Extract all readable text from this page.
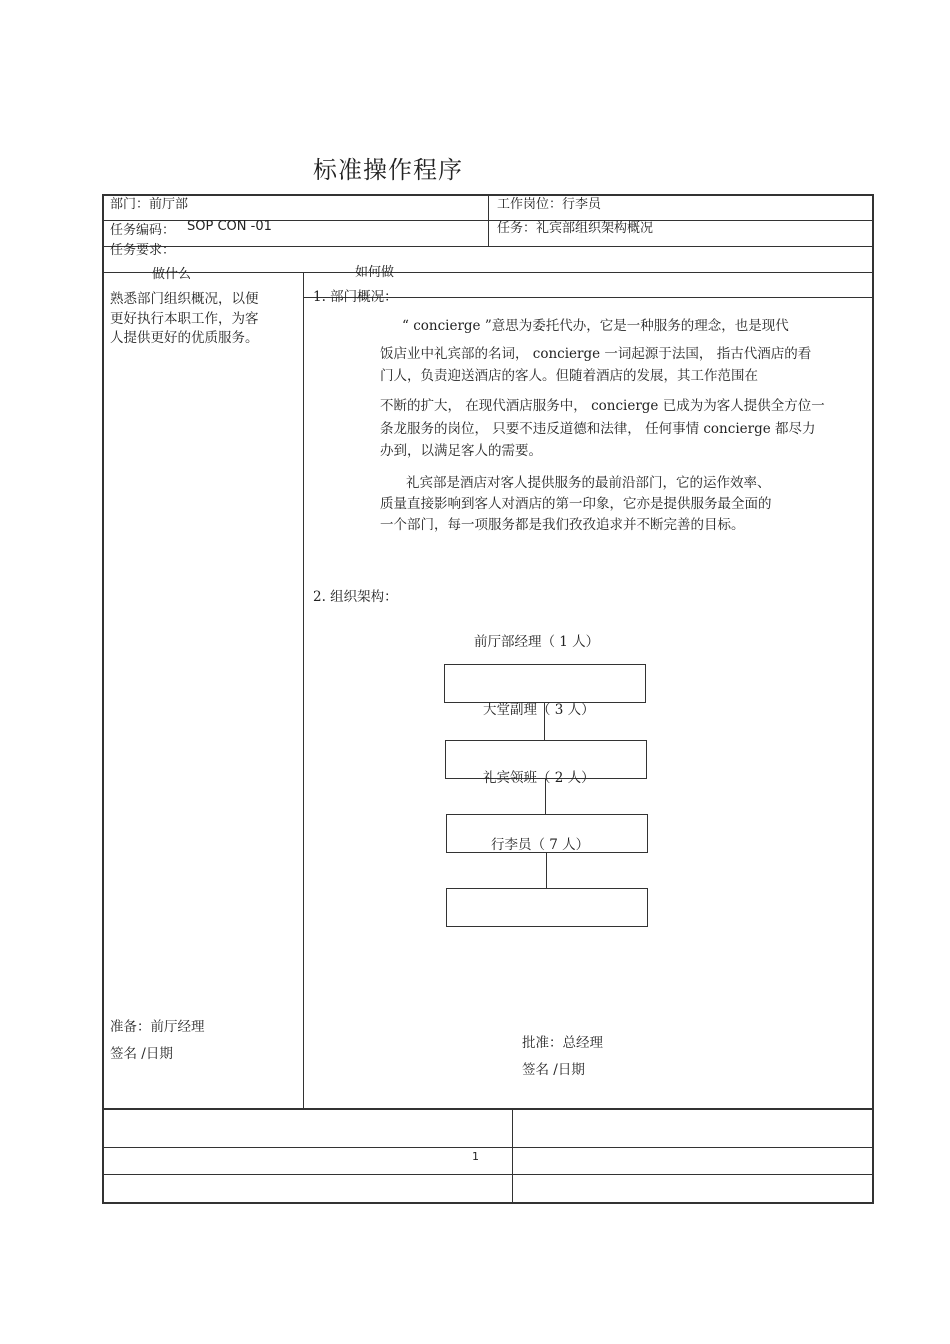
标准操作程序
部门：前厅部	工作岗位：行李员
任务编码： SOP CON -01	任务：礼宾部组织架构概况
任务要求：
做什么	如何做
熟悉部门组织概况，以便
更好执行本职工作，为客
人提供更好的优质服务。
1. 部门概况：
“ concierge ”意思为委托代办，它是一种服务的理念，也是现代
饭店业中礼宾部的名词， concierge 一词起源于法国， 指古代酒店的看
门人，负责迎送酒店的客人。但随着酒店的发展，其工作范围在
不断的扩大， 在现代酒店服务中， concierge 已成为为客人提供全方位一
条龙服务的岗位， 只要不违反道德和法律， 任何事情 concierge 都尽力
办到，以满足客人的需要。
礼宾部是酒店对客人提供服务的最前沿部门，它的运作效率、
质量直接影响到客人对酒店的第一印象，它亦是提供服务最全面的
一个部门，每一项服务都是我们孜孜追求并不断完善的目标。
2. 组织架构：
前厅部经理（ 1 人）
大堂副理（ 3 人）
礼宾领班（ 2 人）
行李员（ 7 人）
准备：前厅经理
签名 /日期
批准：总经理
签名 /日期
1
